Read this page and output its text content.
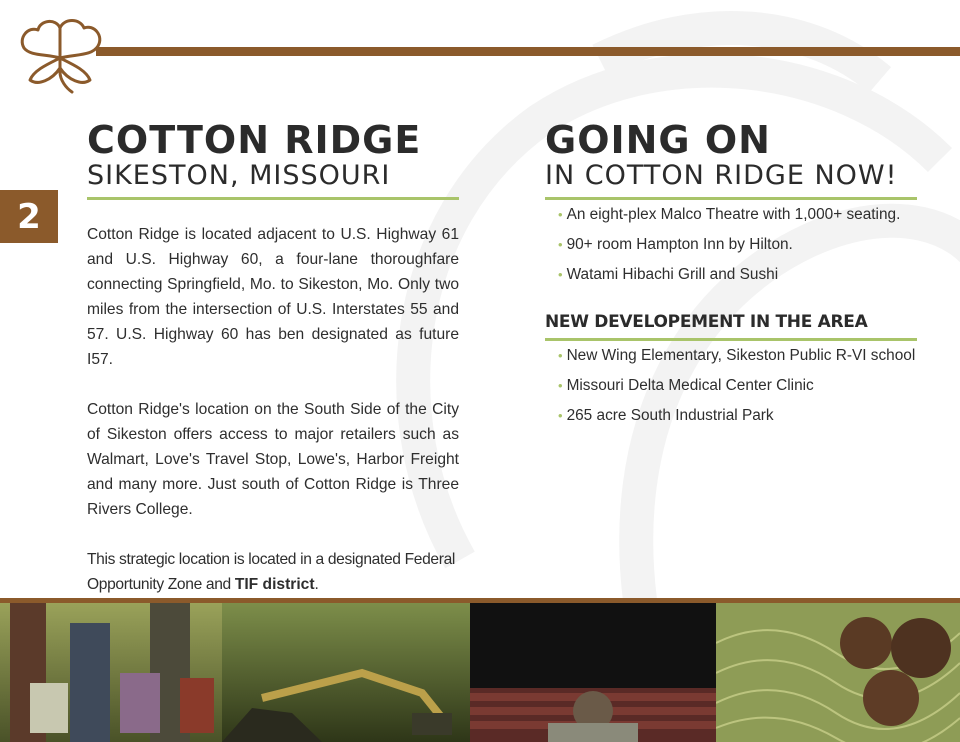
2
COTTON RIDGE
SIKESTON, MISSOURI

Cotton Ridge is located adjacent to U.S. Highway 61 and U.S. Highway 60, a four-lane thoroughfare connecting Springfield, Mo. to Sikeston, Mo. Only two miles from the intersection of U.S. Interstates 55 and 57. U.S. Highway 60 has ben designated as future I57.

Cotton Ridge's location on the South Side of the City of Sikeston offers access to major retailers such as Walmart, Love's Travel Stop, Lowe's, Harbor Freight and many more. Just south of Cotton Ridge is Three Rivers College.

This strategic location is located in a designated Federal Opportunity Zone and TIF district.

GOING ON
IN COTTON RIDGE NOW!
• An eight-plex Malco Theatre with 1,000+ seating.
• 90+ room Hampton Inn by Hilton.
• Watami Hibachi Grill and Sushi
NEW DEVELOPEMENT IN THE AREA
• New Wing Elementary, Sikeston Public R-VI school
• Missouri Delta Medical Center Clinic
• 265 acre South Industrial Park
